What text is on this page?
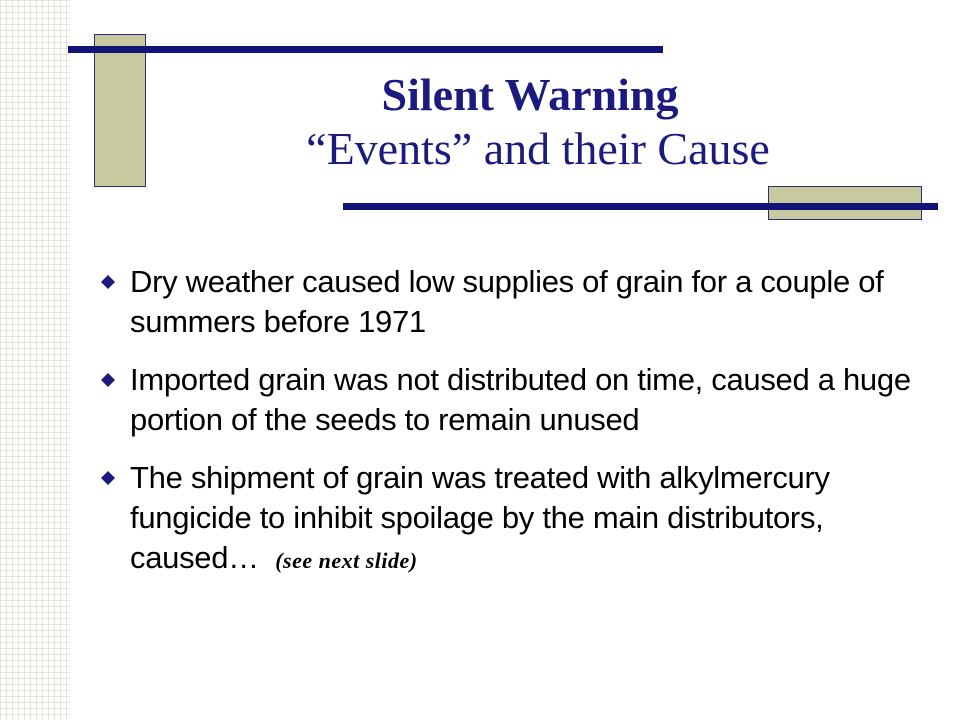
Silent Warning
“Events” and their Cause
Dry weather caused low supplies of grain for a couple of summers before 1971
Imported grain was not distributed on time, caused a huge portion of the seeds to remain unused
The shipment of grain was treated with alkylmercury fungicide to inhibit spoilage by the main distributors, caused… (see next slide)
